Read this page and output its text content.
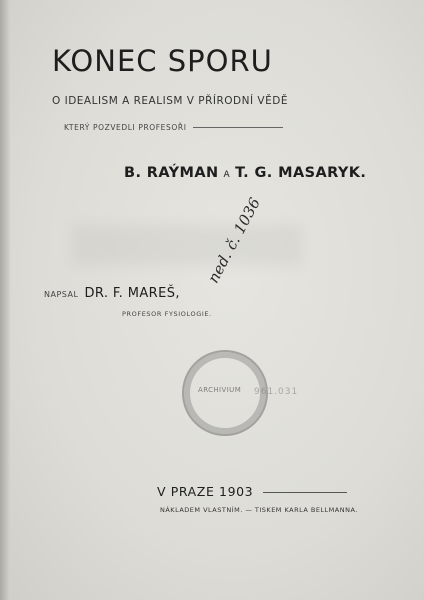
KONEC SPORU
O IDEALISM A REALISM V PŘÍRODNÍ VĚDĚ
KTERÝ POZVEDLI PROFESOŘI
B. RAÝMAN A T. G. MASARYK.
NAPSAL DR. F. MAREŠ,
PROFESOR FYSIOLOGIE.
ned. č. 1036
ARCHIVIUM 961.031
V PRAZE 1903
NÁKLADEM VLASTNÍM. — TISKEM KARLA BELLMANNA.
